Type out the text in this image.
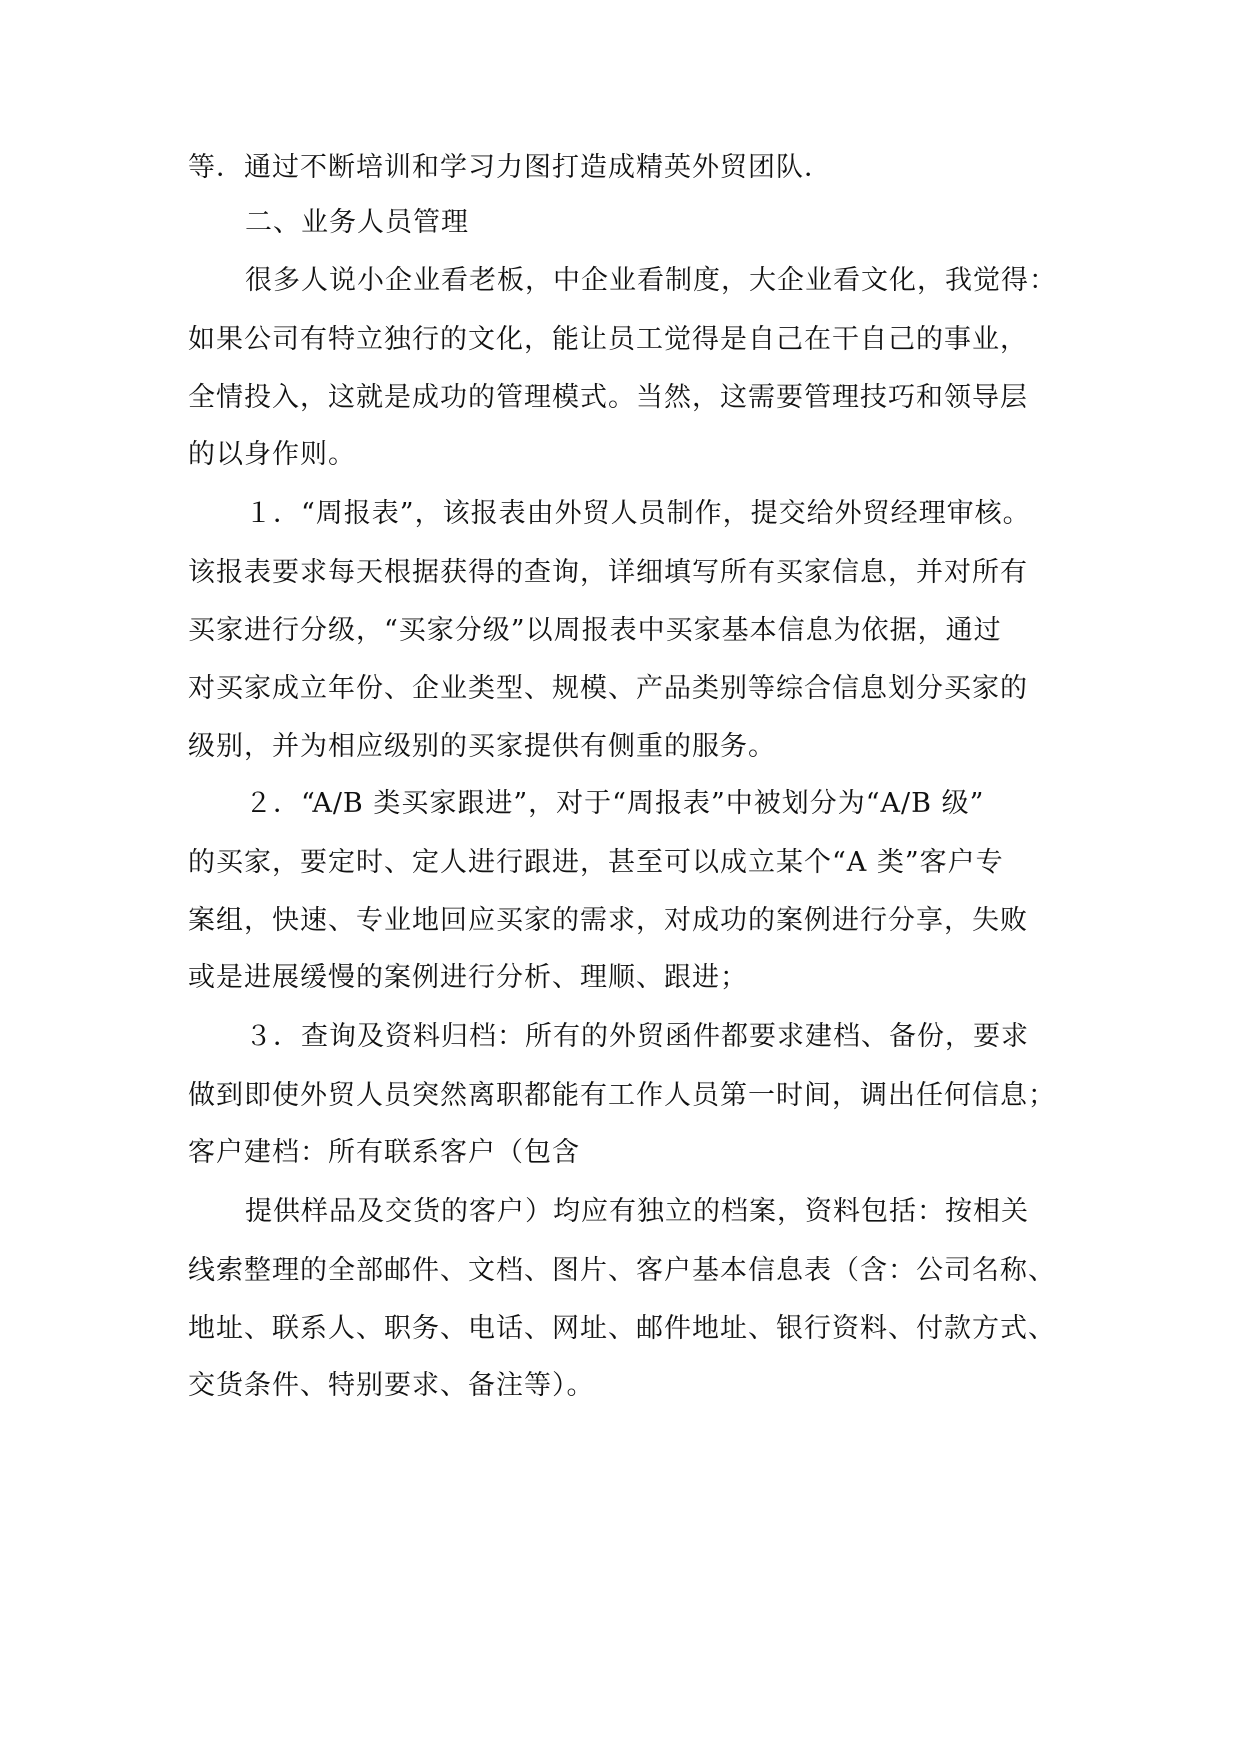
等．通过不断培训和学习力图打造成精英外贸团队．
二、业务人员管理
很多人说小企业看老板，中企业看制度，大企业看文化，我觉得：
如果公司有特立独行的文化，能让员工觉得是自己在干自己的事业，
全情投入，这就是成功的管理模式。当然，这需要管理技巧和领导层
的以身作则。
１．“周报表”，该报表由外贸人员制作，提交给外贸经理审核。
该报表要求每天根据获得的查询，详细填写所有买家信息，并对所有
买家进行分级，“买家分级”以周报表中买家基本信息为依据，通过
对买家成立年份、企业类型、规模、产品类别等综合信息划分买家的
级别，并为相应级别的买家提供有侧重的服务。
２．“A/B 类买家跟进”，对于“周报表”中被划分为“A/B 级”
的买家，要定时、定人进行跟进，甚至可以成立某个“A 类”客户专
案组，快速、专业地回应买家的需求，对成功的案例进行分享，失败
或是进展缓慢的案例进行分析、理顺、跟进；
３．查询及资料归档：所有的外贸函件都要求建档、备份，要求
做到即使外贸人员突然离职都能有工作人员第一时间，调出任何信息；
客户建档：所有联系客户（包含
提供样品及交货的客户）均应有独立的档案，资料包括：按相关
线索整理的全部邮件、文档、图片、客户基本信息表（含：公司名称、
地址、联系人、职务、电话、网址、邮件地址、银行资料、付款方式、
交货条件、特别要求、备注等）。
